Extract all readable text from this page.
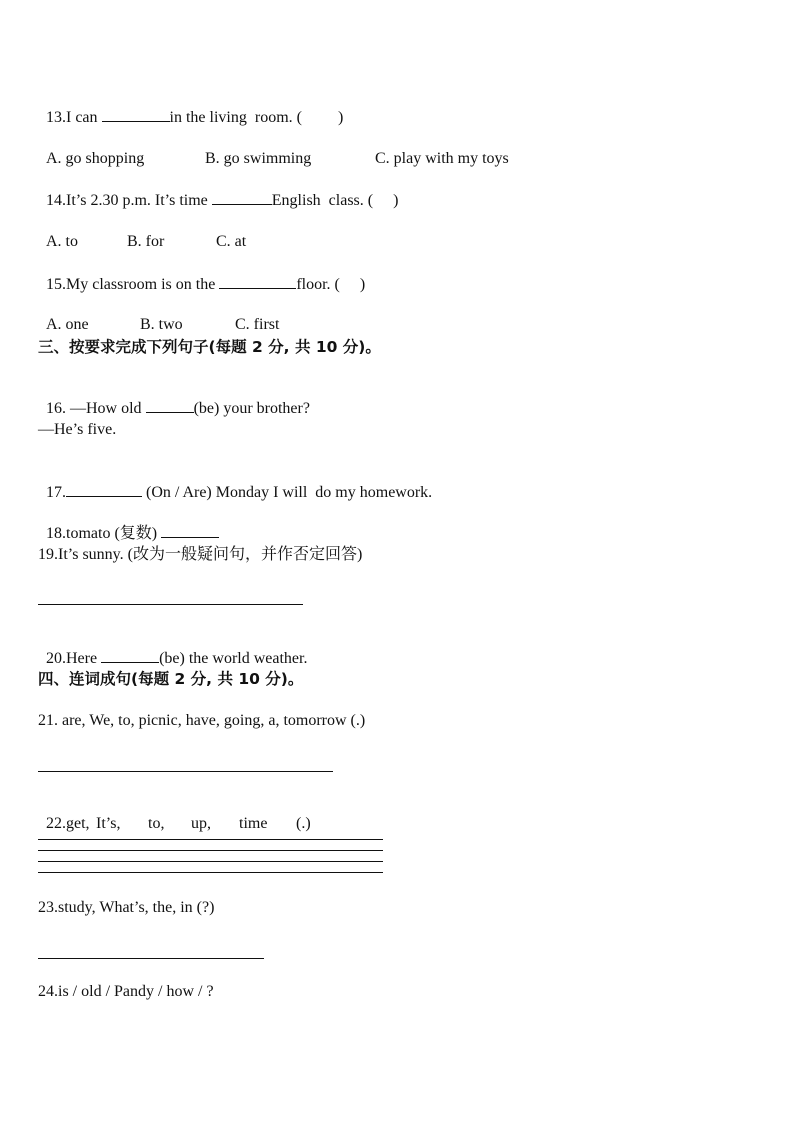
13.I can	in the living  room. ( )

A. go shopping	B. go swimming	C. play with my toys

14.It’s 2.30 p.m. It’s time	English  class. ( )

A. to	B. for	C. at

15.My classroom is on the	floor. ( )

A. one	B. two	C. first

三、按要求完成下列句子(每题 2 分, 共 10 分)。

16. —How old	(be) your brother?

—He’s five.

17.	(On / Are) Monday I will  do my homework.

18.tomato (复数)

19.It’s sunny. (改为一般疑问句，并作否定回答)

20.Here	(be) the world weather.

四、连词成句(每题 2 分, 共 10 分)。
21. are, We, to, picnic, have, going, a, tomorrow (.)

22.get, It’s, to, up, time (.)

23.study, What’s, the, in (?)
24.is / old / Pandy / how / ?
